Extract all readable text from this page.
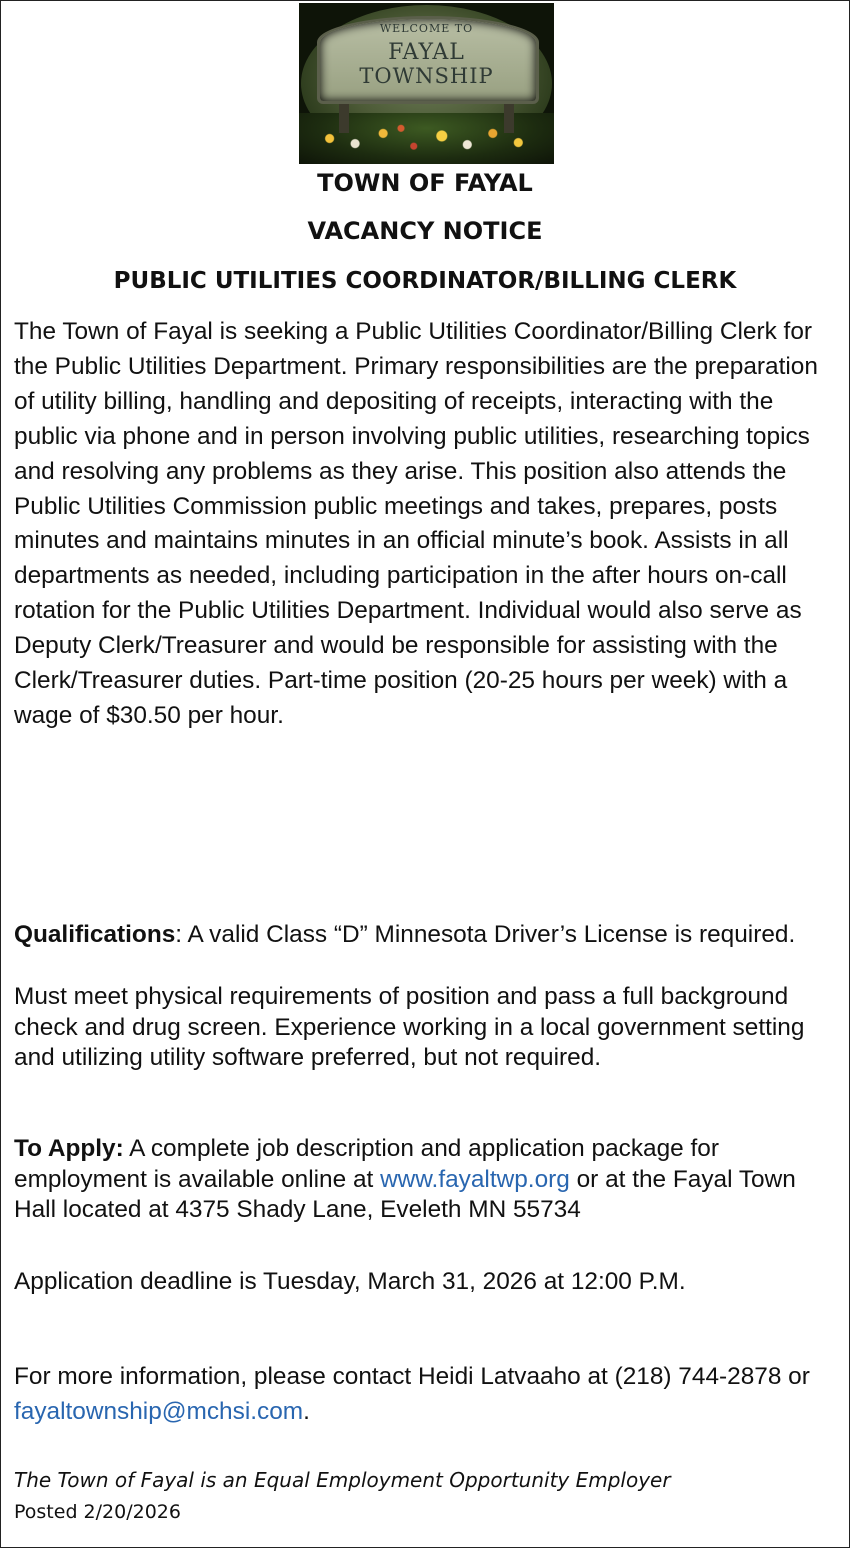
WELCOME TO
FAYAL
TOWNSHIP
TOWN OF FAYAL
VACANCY NOTICE
PUBLIC UTILITIES COORDINATOR/BILLING CLERK
The Town of Fayal is seeking a Public Utilities Coordinator/Billing Clerk for the Public Utilities Department. Primary responsibilities are the preparation of utility billing, handling and depositing of receipts, interacting with the public via phone and in person involving public utilities, researching topics and resolving any problems as they arise. This position also attends the Public Utilities Commission public meetings and takes, prepares, posts minutes and maintains minutes in an official minute’s book. Assists in all departments as needed, including participation in the after hours on-call rotation for the Public Utilities Department. Individual would also serve as Deputy Clerk/Treasurer and would be responsible for assisting with the Clerk/Treasurer duties. Part-time position (20-25 hours per week) with a wage of $30.50 per hour.
Qualifications: A valid Class “D” Minnesota Driver’s License is required.
Must meet physical requirements of position and pass a full background check and drug screen. Experience working in a local government setting and utilizing utility software preferred, but not required.
To Apply: A complete job description and application package for employment is available online at www.fayaltwp.org or at the Fayal Town Hall located at 4375 Shady Lane, Eveleth MN 55734
Application deadline is Tuesday, March 31, 2026 at 12:00 P.M.
For more information, please contact Heidi Latvaaho at (218) 744-2878 or
fayaltownship@mchsi.com.
The Town of Fayal is an Equal Employment Opportunity Employer
Posted 2/20/2026
